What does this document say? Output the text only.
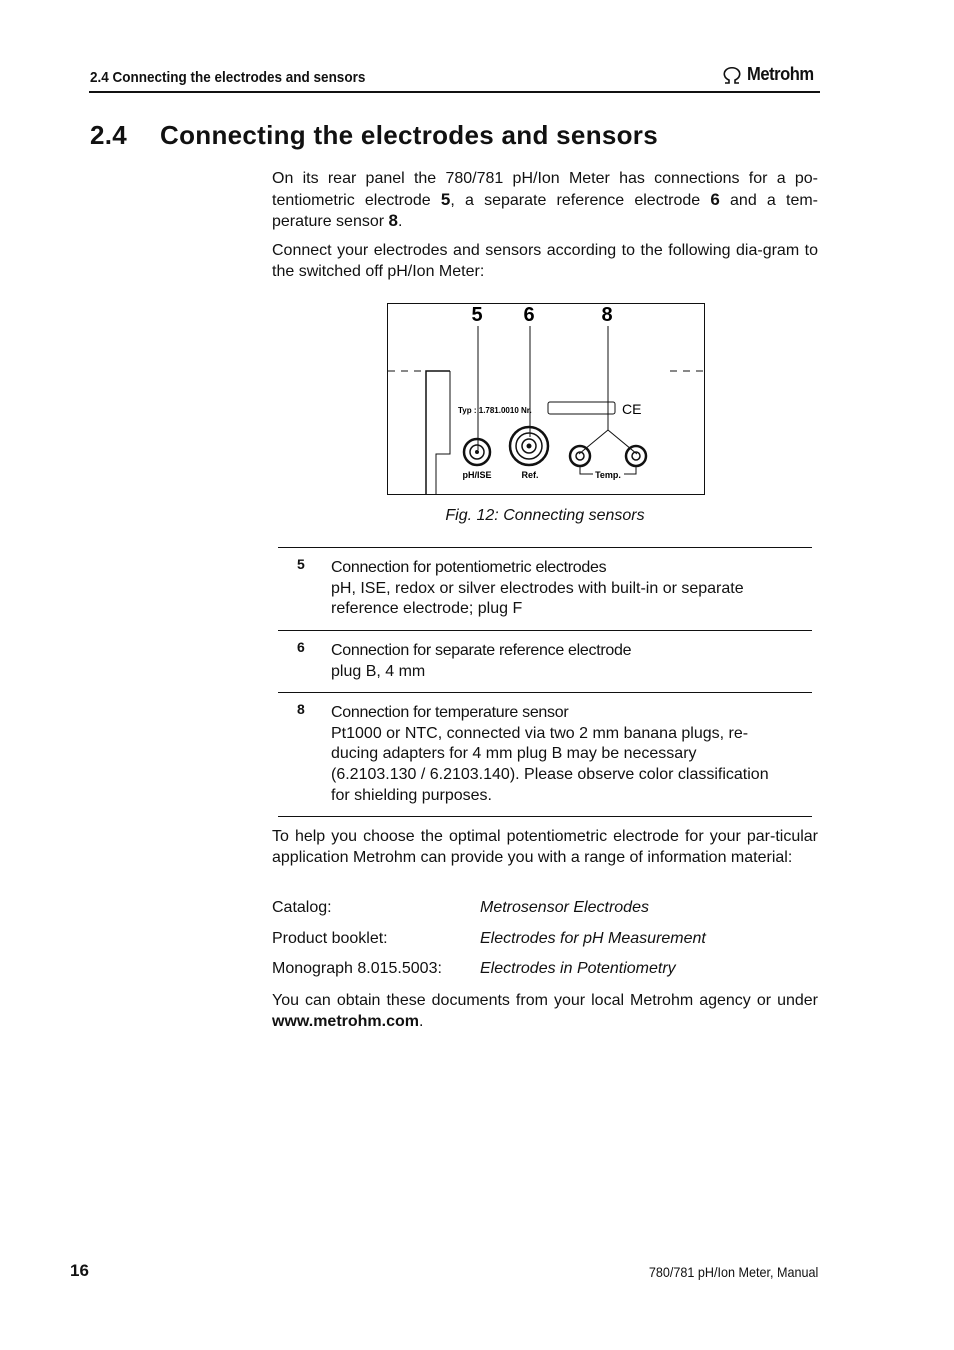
2.4 Connecting the electrodes and sensors	Metrohm
2.4 Connecting the electrodes and sensors
On its rear panel the 780/781 pH/Ion Meter has connections for a po-tentiometric electrode 5, a separate reference electrode 6 and a tem-perature sensor 8.
Connect your electrodes and sensors according to the following dia-gram to the switched off pH/Ion Meter:
5 6	8
Typ : 1.781.0010 Nr.	CE
pH/ISE	Ref.	Temp.
Fig. 12: Connecting sensors
5 Connection for potentiometric electrodes
pH, ISE, redox or silver electrodes with built-in or separate
reference electrode; plug F
6 Connection for separate reference electrode
plug B, 4 mm
8 Connection for temperature sensor
Pt1000 or NTC, connected via two 2 mm banana plugs, re-
ducing adapters for 4 mm plug B may be necessary
(6.2103.130 / 6.2103.140). Please observe color classification
for shielding purposes.
To help you choose the optimal potentiometric electrode for your par-ticular application Metrohm can provide you with a range of information material:
Catalog:	Metrosensor Electrodes
Product booklet:	Electrodes for pH Measurement
Monograph 8.015.5003: Electrodes in Potentiometry
You can obtain these documents from your local Metrohm agency or under www.metrohm.com.
16	780/781 pH/Ion Meter, Manual
